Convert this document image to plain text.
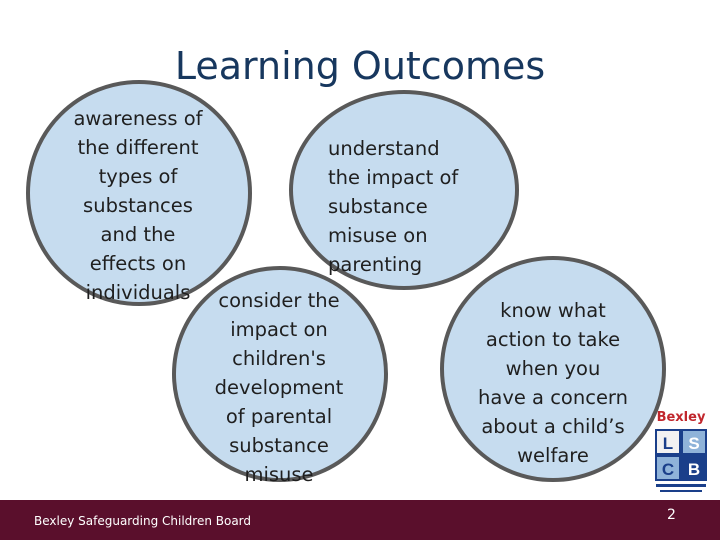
Learning Outcomes
awareness of
the different
types of
substances
and the
effects on
individuals
understand
the impact of
substance
misuse on
parenting
consider the
impact on
children's
development
of parental
substance
misuse
know what
action to take
when you
have a concern
about a child’s
welfare
Bexley
L S
C B
Bexley Safeguarding Children Board	2
